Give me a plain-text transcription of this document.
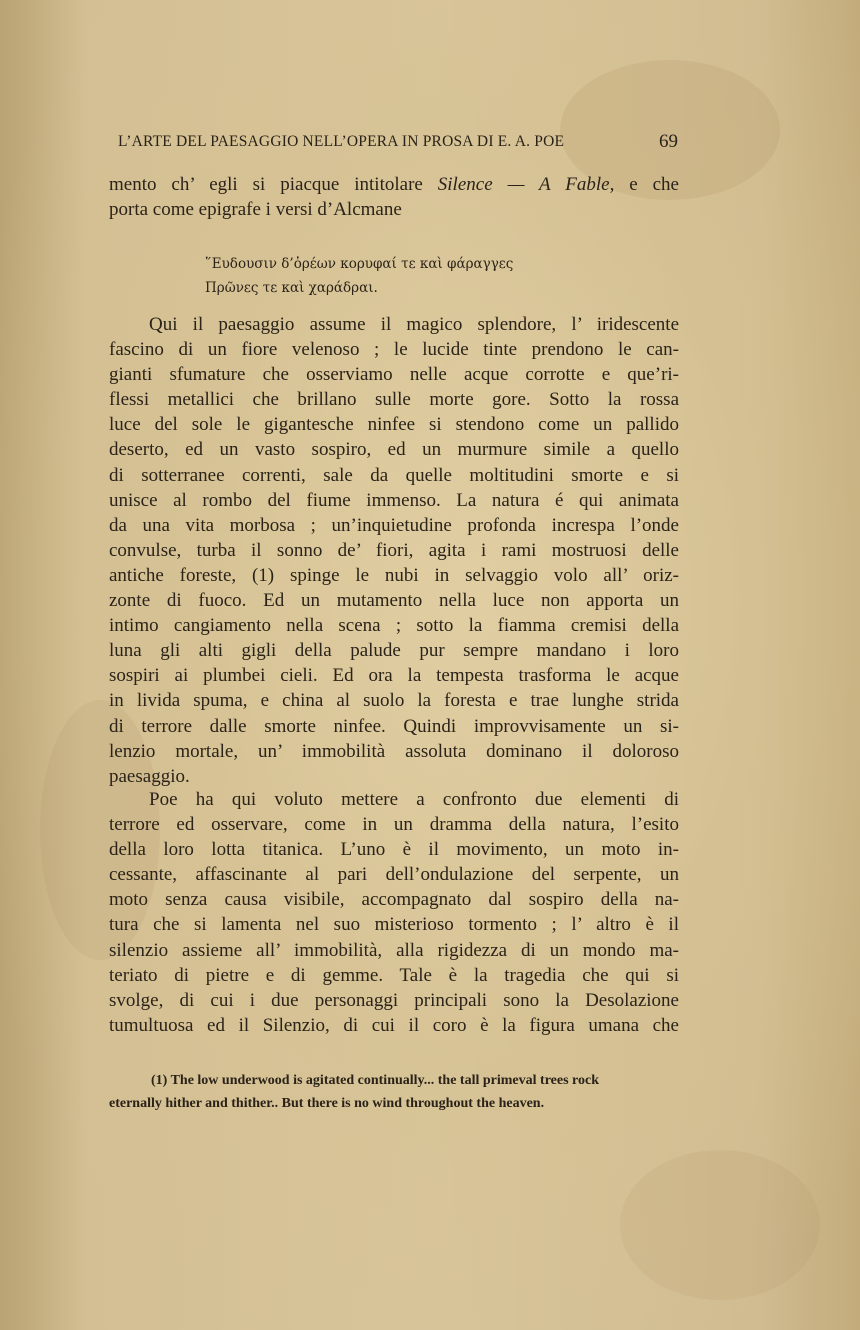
L’ARTE DEL PAESAGGIO NELL’OPERA IN PROSA DI E. A. POE	69
mento ch’ egli si piacque intitolare Silence — A Fable, e che
porta come epigrafe i versi d’Alcmane
῞Ευδουσιν δ’ὀρέων κορυφαί τε καὶ φάραγγες
Πρῶνες τε καὶ χαράδραι.
Qui il paesaggio assume il magico splendore, l’ iridescente
fascino di un fiore velenoso ; le lucide tinte prendono le can-
gianti sfumature che osserviamo nelle acque corrotte e que’ri-
flessi metallici che brillano sulle morte gore. Sotto la rossa
luce del sole le gigantesche ninfee si stendono come un pallido
deserto, ed un vasto sospiro, ed un murmure simile a quello
di sotterranee correnti, sale da quelle moltitudini smorte e si
unisce al rombo del fiume immenso. La natura é qui animata
da una vita morbosa ; un’inquietudine profonda increspa l’onde
convulse, turba il sonno de’ fiori, agita i rami mostruosi delle
antiche foreste, (1) spinge le nubi in selvaggio volo all’ oriz-
zonte di fuoco. Ed un mutamento nella luce non apporta un
intimo cangiamento nella scena ; sotto la fiamma cremisi della
luna gli alti gigli della palude pur sempre mandano i loro
sospiri ai plumbei cieli. Ed ora la tempesta trasforma le acque
in livida spuma, e china al suolo la foresta e trae lunghe strida
di terrore dalle smorte ninfee. Quindi improvvisamente un si-
lenzio mortale, un’ immobilità assoluta dominano il doloroso
paesaggio.
Poe ha qui voluto mettere a confronto due elementi di
terrore ed osservare, come in un dramma della natura, l’esito
della loro lotta titanica. L’uno è il movimento, un moto in-
cessante, affascinante al pari dell’ondulazione del serpente, un
moto senza causa visibile, accompagnato dal sospiro della na-
tura che si lamenta nel suo misterioso tormento ; l’ altro è il
silenzio assieme all’ immobilità, alla rigidezza di un mondo ma-
teriato di pietre e di gemme. Tale è la tragedia che qui si
svolge, di cui i due personaggi principali sono la Desolazione
tumultuosa ed il Silenzio, di cui il coro è la figura umana che
(1) The low underwood is agitated continually... the tall primeval trees rock
eternally hither and thither.. But there is no wind throughout the heaven.
